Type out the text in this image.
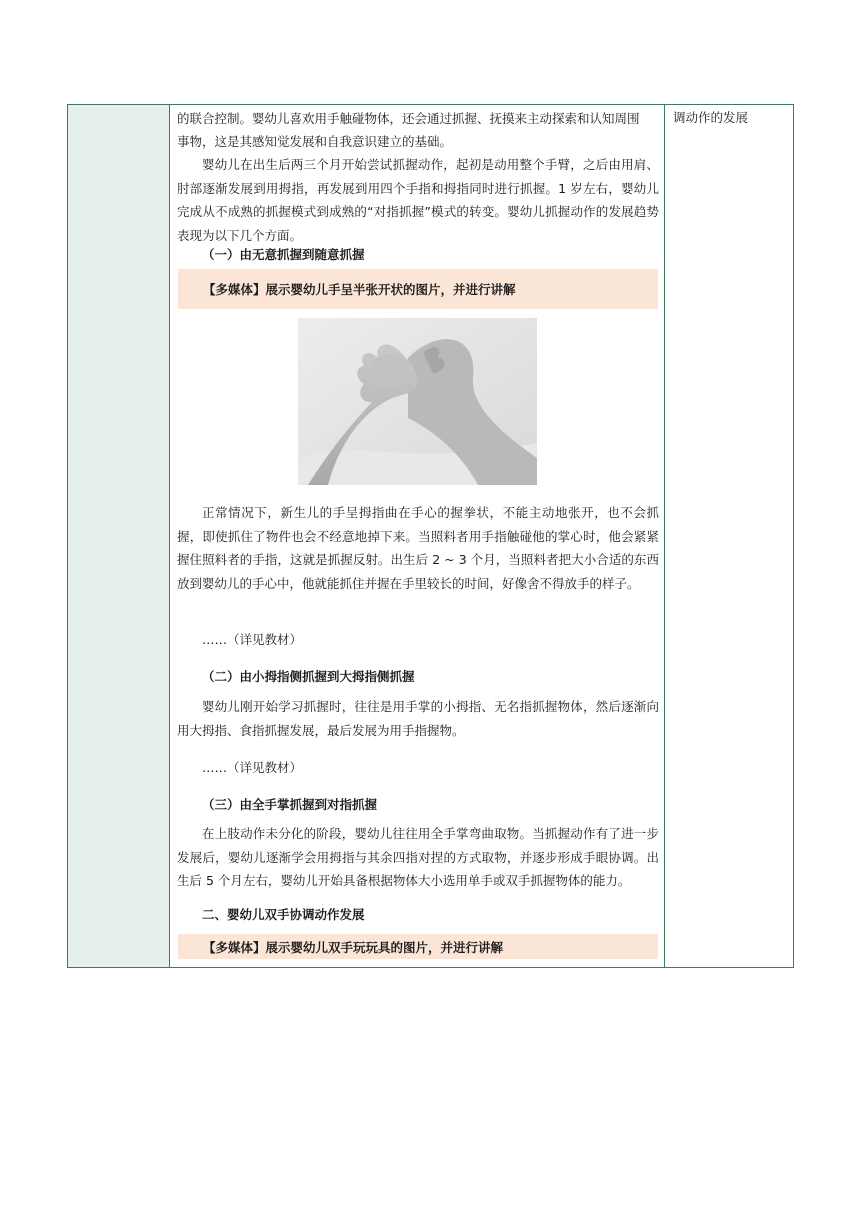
的联合控制。婴幼儿喜欢用手触碰物体，还会通过抓握、抚摸来主动探索和认知周围

事物，这是其感知觉发展和自我意识建立的基础。

婴幼儿在出生后两三个月开始尝试抓握动作，起初是动用整个手臂，之后由用肩、肘部逐渐发展到用拇指，再发展到用四个手指和拇指同时进行抓握。1 岁左右，婴幼儿完成从不成熟的抓握模式到成熟的“对指抓握”模式的转变。婴幼儿抓握动作的发展趋势表现为以下几个方面。

（一）由无意抓握到随意抓握

【多媒体】展示婴幼儿手呈半张开状的图片，并进行讲解

正常情况下，新生儿的手呈拇指曲在手心的握拳状，不能主动地张开，也不会抓握，即使抓住了物件也会不经意地掉下来。当照料者用手指触碰他的掌心时，他会紧紧握住照料者的手指，这就是抓握反射。出生后 2 ~ 3 个月，当照料者把大小合适的东西放到婴幼儿的手心中，他就能抓住并握在手里较长的时间，好像舍不得放手的样子。

……（详见教材）

（二）由小拇指侧抓握到大拇指侧抓握

婴幼儿刚开始学习抓握时，往往是用手掌的小拇指、无名指抓握物体，然后逐渐向用大拇指、食指抓握发展，最后发展为用手指握物。

……（详见教材）

（三）由全手掌抓握到对指抓握

在上肢动作未分化的阶段，婴幼儿往往用全手掌弯曲取物。当抓握动作有了进一步发展后，婴幼儿逐渐学会用拇指与其余四指对捏的方式取物，并逐步形成手眼协调。出生后 5 个月左右，婴幼儿开始具备根据物体大小选用单手或双手抓握物体的能力。

二、婴幼儿双手协调动作发展

【多媒体】展示婴幼儿双手玩玩具的图片，并进行讲解
调动作的发展
